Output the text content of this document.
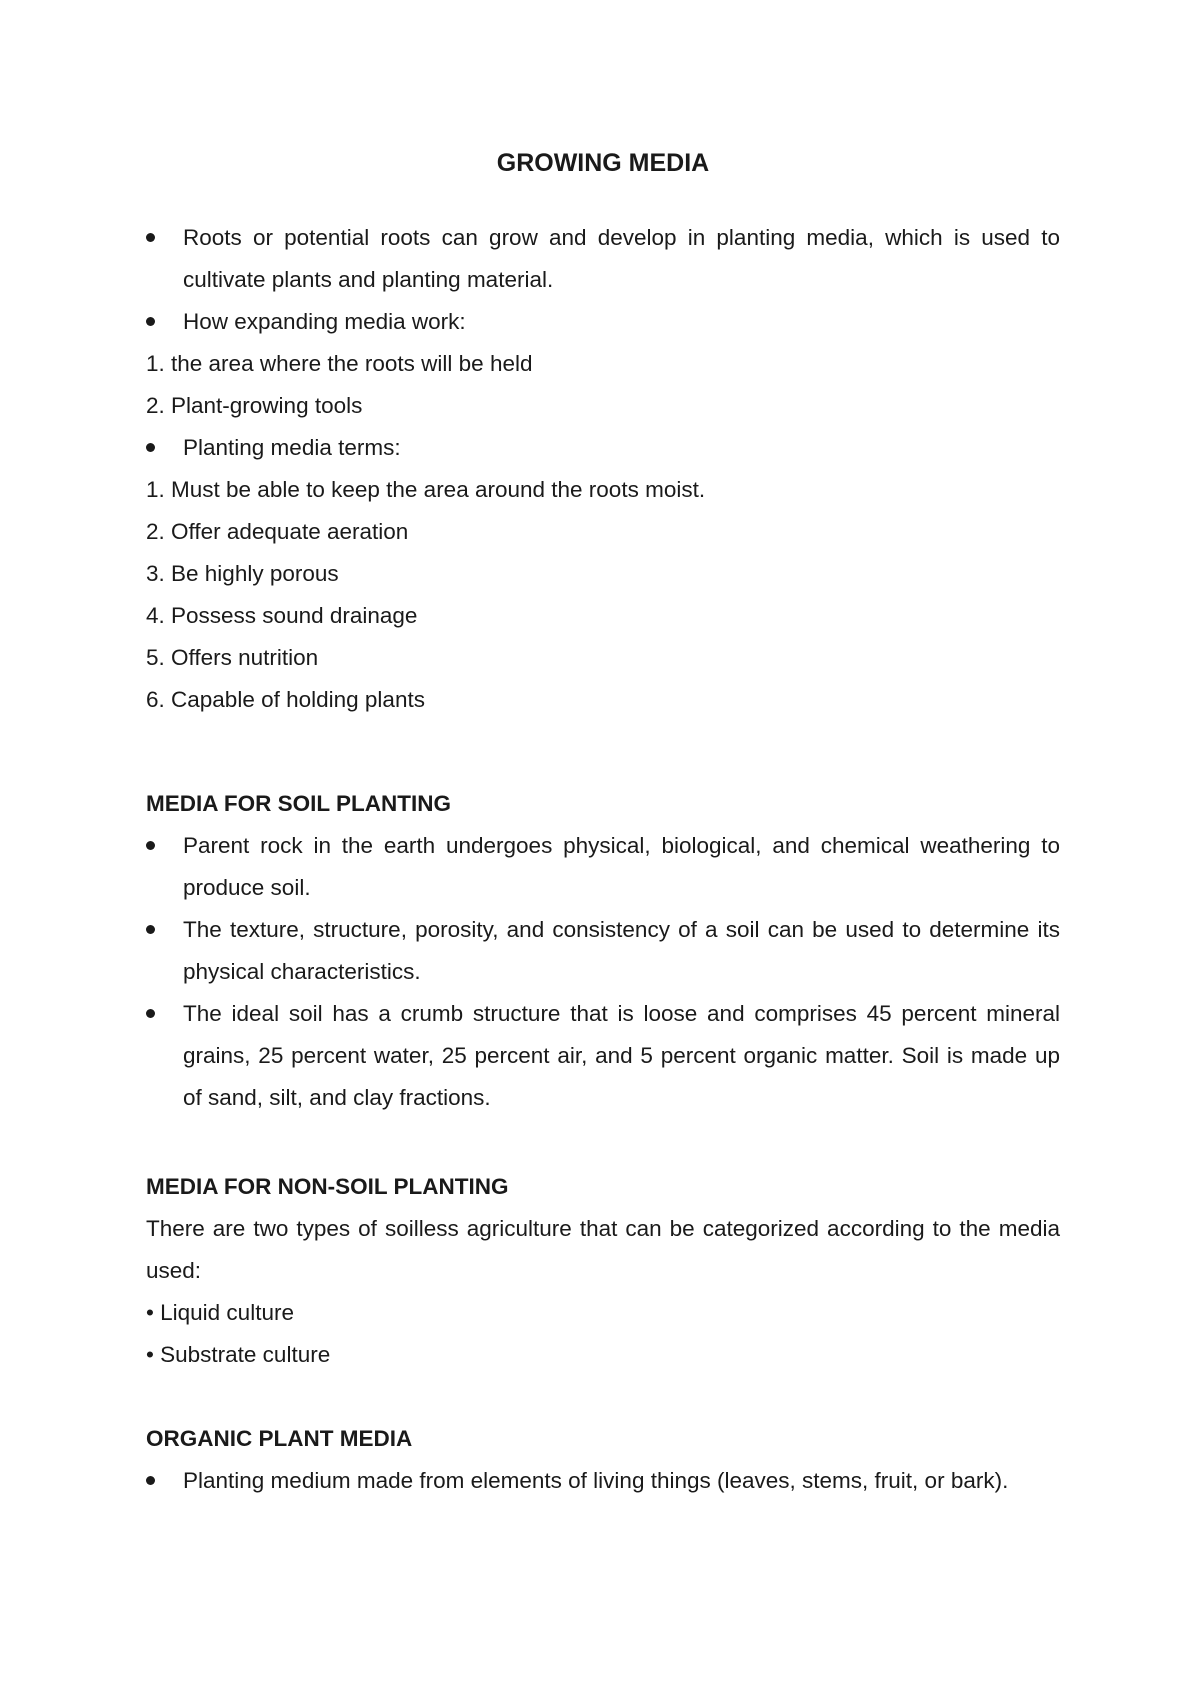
GROWING MEDIA
Roots or potential roots can grow and develop in planting media, which is used to cultivate plants and planting material.
How expanding media work:
1. the area where the roots will be held
2. Plant-growing tools
Planting media terms:
1. Must be able to keep the area around the roots moist.
2. Offer adequate aeration
3. Be highly porous
4. Possess sound drainage
5. Offers nutrition
6. Capable of holding plants
MEDIA FOR SOIL PLANTING
Parent rock in the earth undergoes physical, biological, and chemical weathering to produce soil.
The texture, structure, porosity, and consistency of a soil can be used to determine its physical characteristics.
The ideal soil has a crumb structure that is loose and comprises 45 percent mineral grains, 25 percent water, 25 percent air, and 5 percent organic matter. Soil is made up of sand, silt, and clay fractions.
MEDIA FOR NON-SOIL PLANTING
There are two types of soilless agriculture that can be categorized according to the media used:
• Liquid culture
• Substrate culture
ORGANIC PLANT MEDIA
Planting medium made from elements of living things (leaves, stems, fruit, or bark).
